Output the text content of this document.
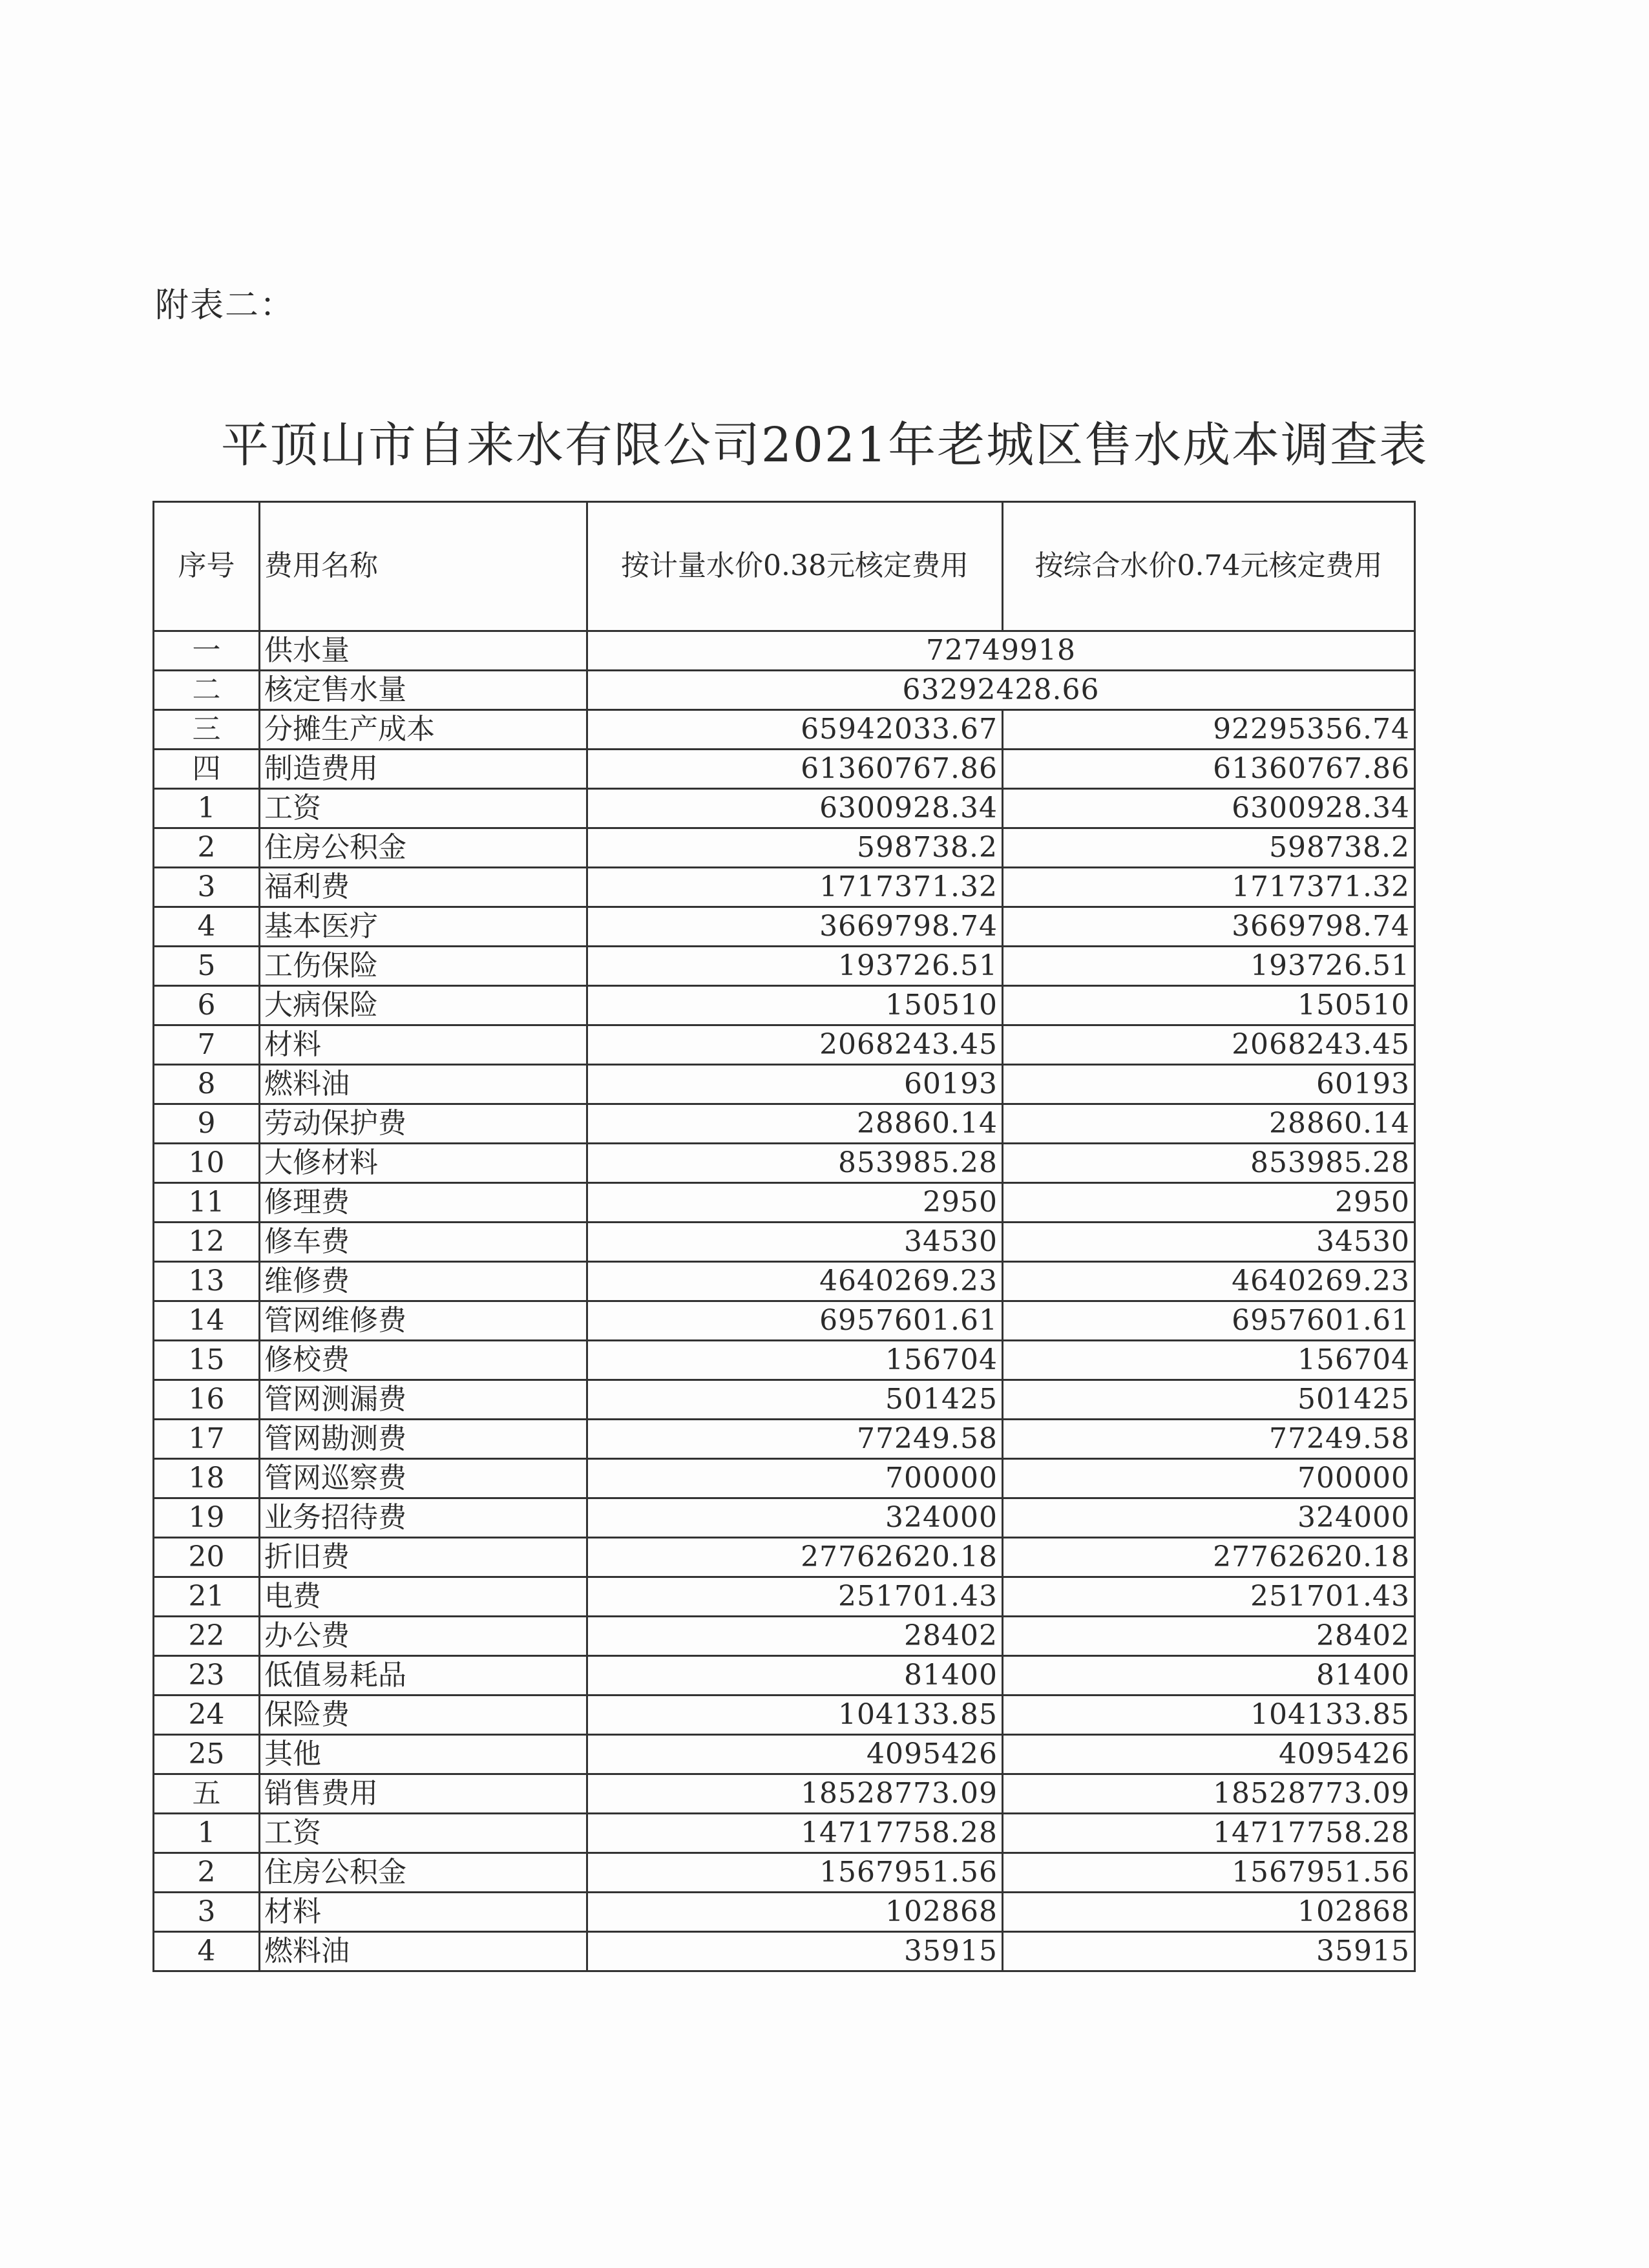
附表二：
平顶山市自来水有限公司2021年老城区售水成本调查表
序号	费用名称	按计量水价0.38元核定费用	按综合水价0.74元核定费用
一	供水量	72749918	
二	核定售水量	63292428.66	
三	分摊生产成本	65942033.67	92295356.74
四	制造费用	61360767.86	61360767.86
1	工资	6300928.34	6300928.34
2	住房公积金	598738.2	598738.2
3	福利费	1717371.32	1717371.32
4	基本医疗	3669798.74	3669798.74
5	工伤保险	193726.51	193726.51
6	大病保险	150510	150510
7	材料	2068243.45	2068243.45
8	燃料油	60193	60193
9	劳动保护费	28860.14	28860.14
10	大修材料	853985.28	853985.28
11	修理费	2950	2950
12	修车费	34530	34530
13	维修费	4640269.23	4640269.23
14	管网维修费	6957601.61	6957601.61
15	修校费	156704	156704
16	管网测漏费	501425	501425
17	管网勘测费	77249.58	77249.58
18	管网巡察费	700000	700000
19	业务招待费	324000	324000
20	折旧费	27762620.18	27762620.18
21	电费	251701.43	251701.43
22	办公费	28402	28402
23	低值易耗品	81400	81400
24	保险费	104133.85	104133.85
25	其他	4095426	4095426
五	销售费用	18528773.09	18528773.09
1	工资	14717758.28	14717758.28
2	住房公积金	1567951.56	1567951.56
3	材料	102868	102868
4	燃料油	35915	35915
